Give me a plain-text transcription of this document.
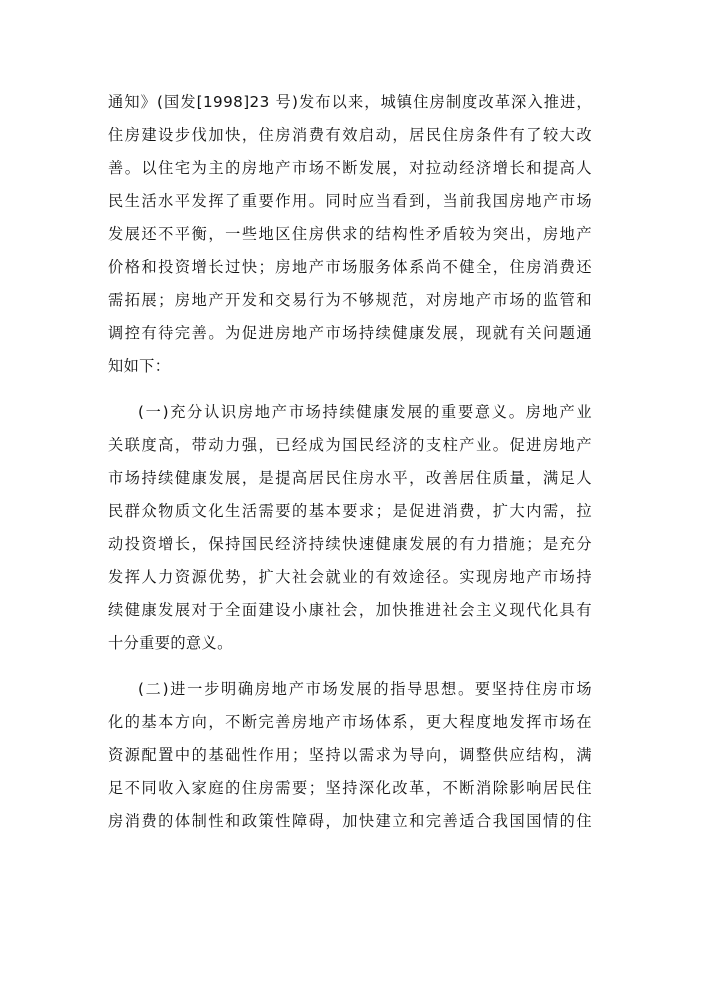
通知》(国发[1998]23 号)发布以来，城镇住房制度改革深入推进，
住房建设步伐加快，住房消费有效启动，居民住房条件有了较大改
善。以住宅为主的房地产市场不断发展，对拉动经济增长和提高人
民生活水平发挥了重要作用。同时应当看到，当前我国房地产市场
发展还不平衡，一些地区住房供求的结构性矛盾较为突出，房地产
价格和投资增长过快；房地产市场服务体系尚不健全，住房消费还
需拓展；房地产开发和交易行为不够规范，对房地产市场的监管和
调控有待完善。为促进房地产市场持续健康发展，现就有关问题通
知如下：
(一)充分认识房地产市场持续健康发展的重要意义。房地产业
关联度高，带动力强，已经成为国民经济的支柱产业。促进房地产
市场持续健康发展，是提高居民住房水平，改善居住质量，满足人
民群众物质文化生活需要的基本要求；是促进消费，扩大内需，拉
动投资增长，保持国民经济持续快速健康发展的有力措施；是充分
发挥人力资源优势，扩大社会就业的有效途径。实现房地产市场持
续健康发展对于全面建设小康社会，加快推进社会主义现代化具有
十分重要的意义。
(二)进一步明确房地产市场发展的指导思想。要坚持住房市场
化的基本方向，不断完善房地产市场体系，更大程度地发挥市场在
资源配置中的基础性作用；坚持以需求为导向，调整供应结构，满
足不同收入家庭的住房需要；坚持深化改革，不断消除影响居民住
房消费的体制性和政策性障碍，加快建立和完善适合我国国情的住
